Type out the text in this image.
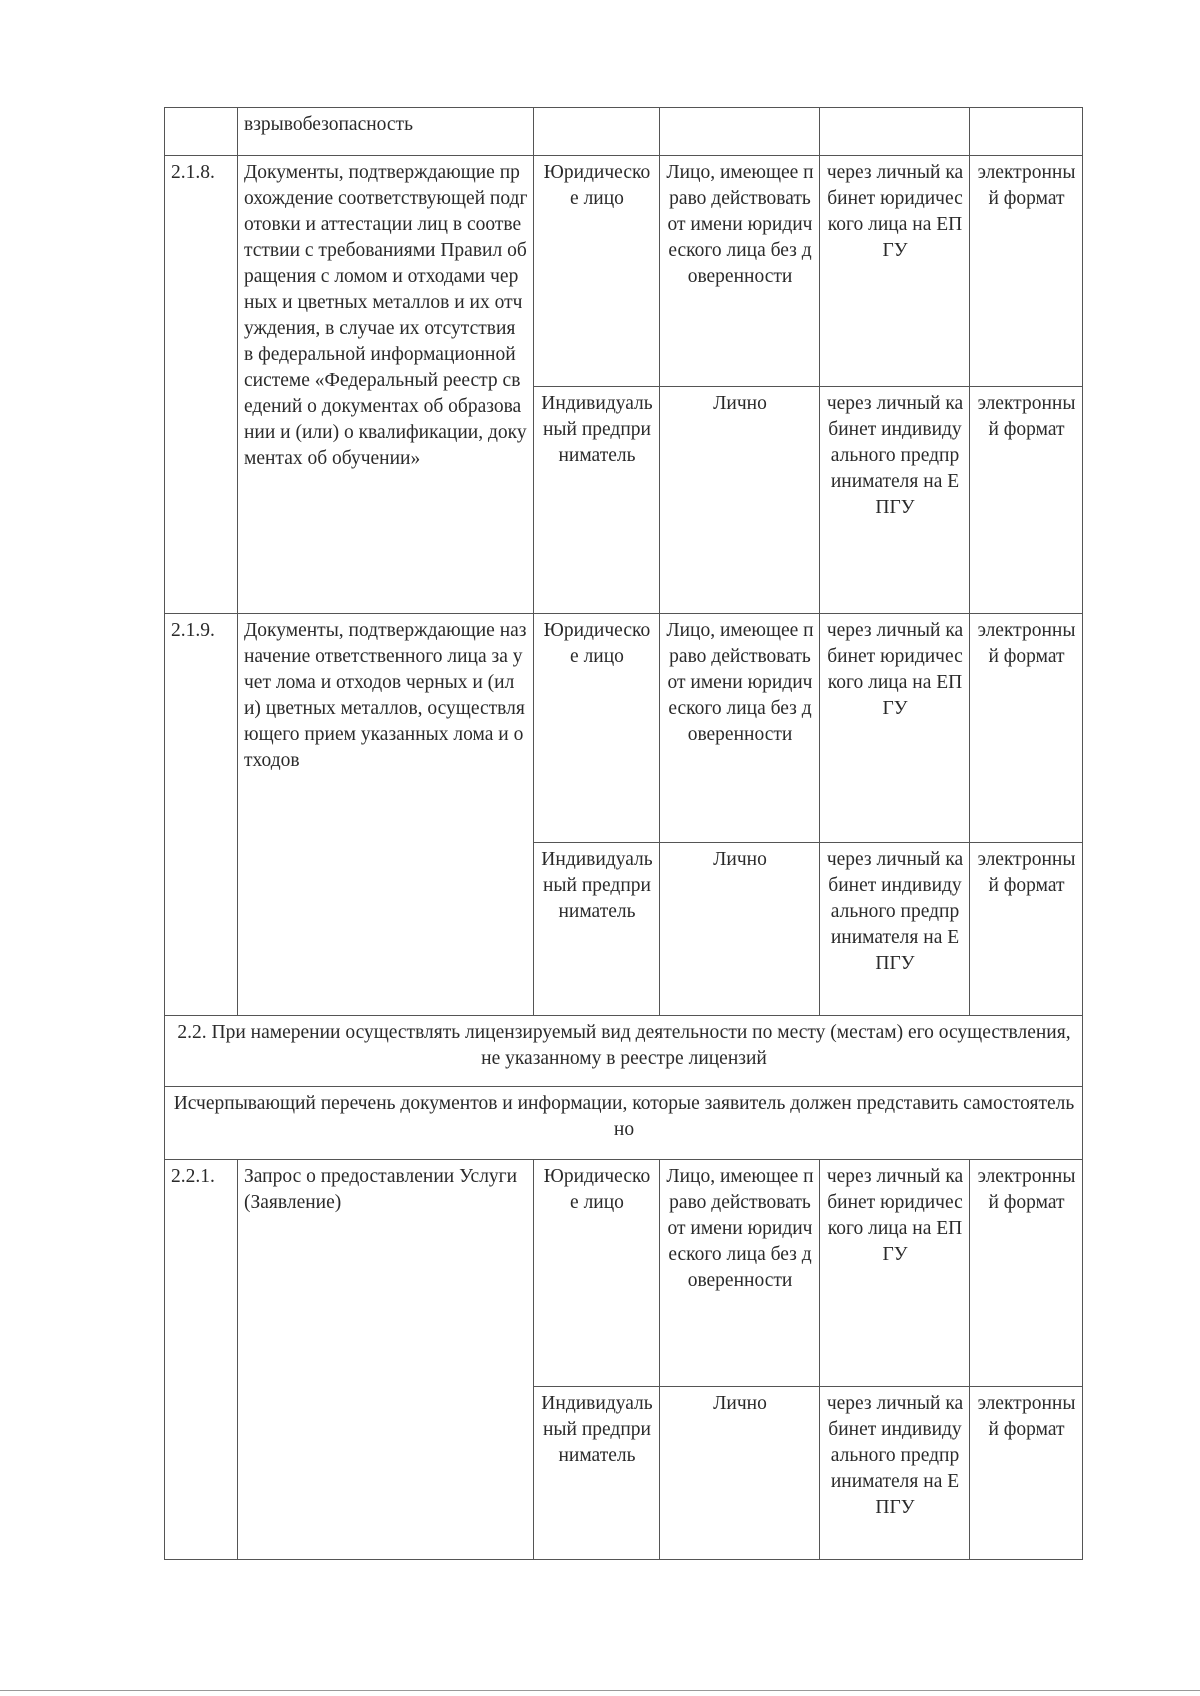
	взрывобезопасность				
2.1.8.	Документы, подтверждающие прохождение соответствующей подготовки и аттестации лиц в соответствии с требованиями Правил обращения с ломом и отходами черных и цветных металлов и их отчуждения, в случае их отсутствия в федеральной информационной системе «Федеральный реестр сведений о документах об образовании и (или) о квалификации, документах об обучении»	Юридическое лицо	Лицо, имеющее право действовать от имени юридического лица без доверенности	через личный кабинет юридического лица на ЕПГУ	электронный формат
		Индивидуальный предприниматель	Лично	через личный кабинет индивидуального предпринимателя на ЕПГУ	электронный формат
2.1.9.	Документы, подтверждающие назначение ответственного лица за учет лома и отходов черных и (или) цветных металлов, осуществляющего прием указанных лома и отходов	Юридическое лицо	Лицо, имеющее право действовать от имени юридического лица без доверенности	через личный кабинет юридического лица на ЕПГУ	электронный формат
		Индивидуальный предприниматель	Лично	через личный кабинет индивидуального предпринимателя на ЕПГУ	электронный формат
2.2. При намерении осуществлять лицензируемый вид деятельности по месту (местам) его осуществления, не указанному в реестре лицензий					
Исчерпывающий перечень документов и информации, которые заявитель должен представить самостоятельно					
2.2.1.	Запрос о предоставлении Услуги (Заявление)	Юридическое лицо	Лицо, имеющее право действовать от имени юридического лица без доверенности	через личный кабинет юридического лица на ЕПГУ	электронный формат
		Индивидуальный предприниматель	Лично	через личный кабинет индивидуального предпринимателя на ЕПГУ	электронный формат
